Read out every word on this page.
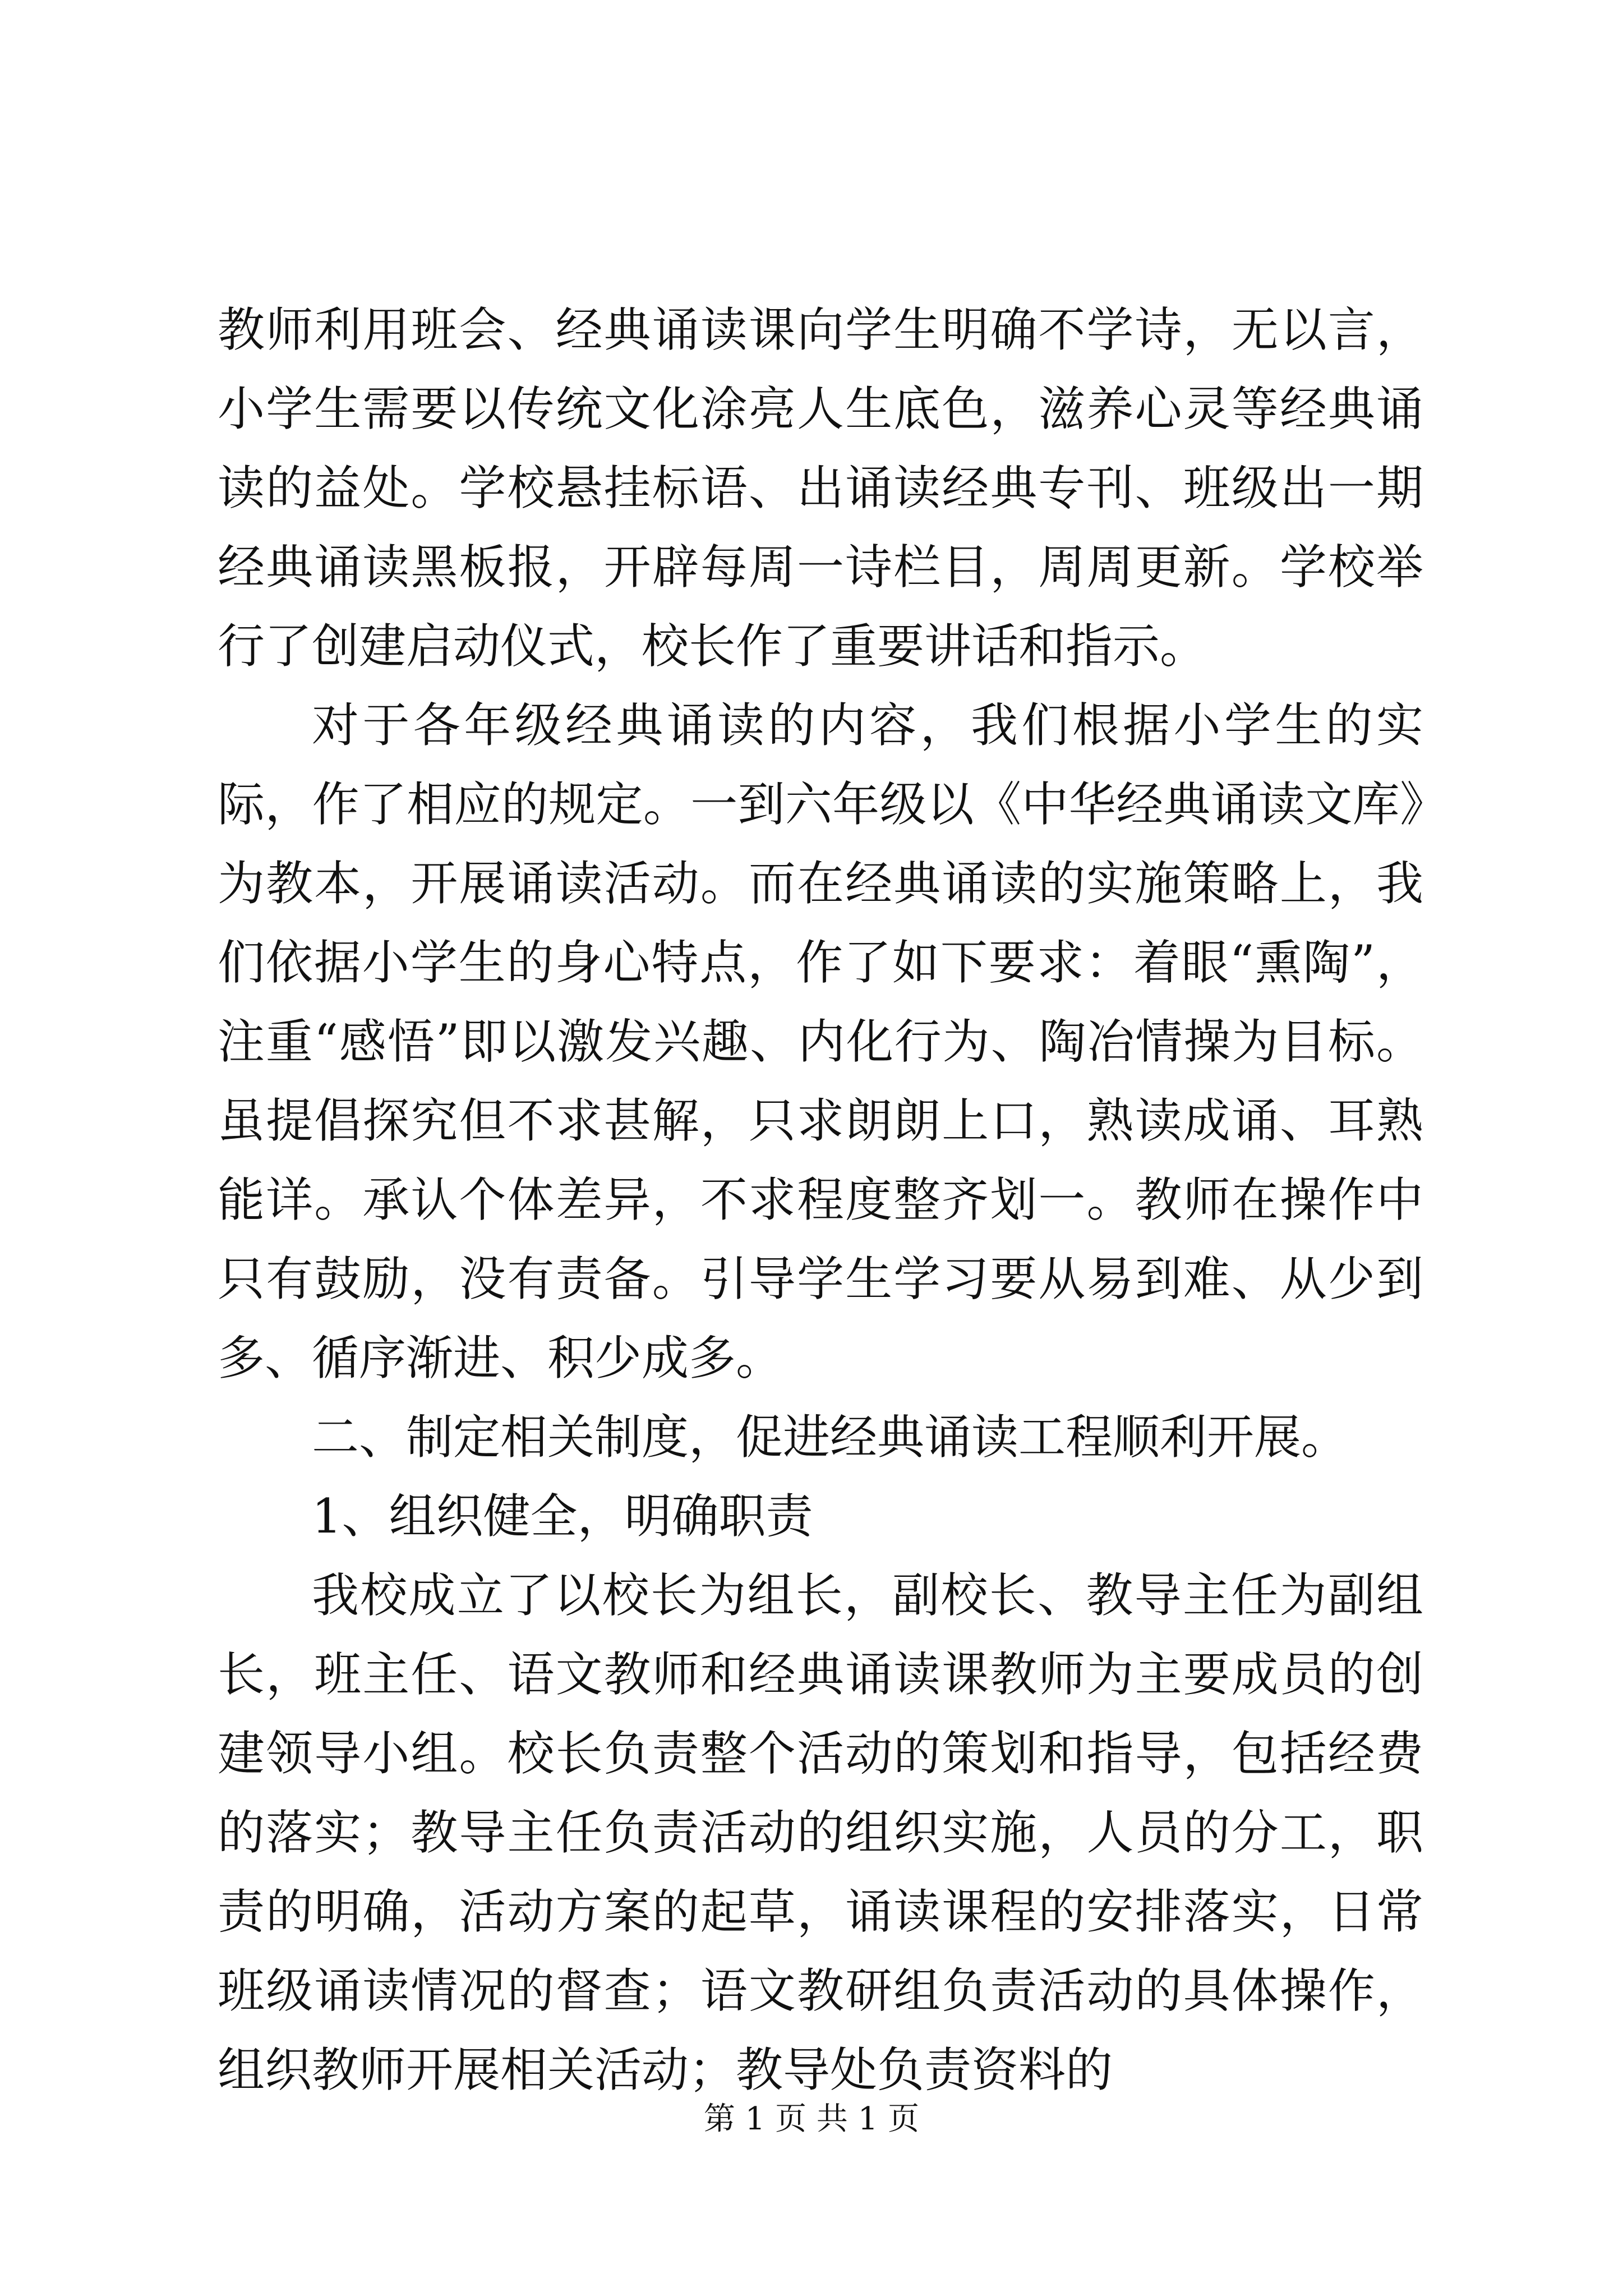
教师利用班会、经典诵读课向学生明确不学诗，无以言，小学生需要以传统文化涂亮人生底色，滋养心灵等经典诵读的益处。学校悬挂标语、出诵读经典专刊、班级出一期经典诵读黑板报，开辟每周一诗栏目，周周更新。学校举行了创建启动仪式，校长作了重要讲话和指示。

对于各年级经典诵读的内容，我们根据小学生的实际，作了相应的规定。一到六年级以《中华经典诵读文库》为教本，开展诵读活动。而在经典诵读的实施策略上，我们依据小学生的身心特点，作了如下要求：着眼“熏陶”，注重“感悟”即以激发兴趣、内化行为、陶冶情操为目标。虽提倡探究但不求甚解，只求朗朗上口，熟读成诵、耳熟能详。承认个体差异，不求程度整齐划一。教师在操作中只有鼓励，没有责备。引导学生学习要从易到难、从少到多、循序渐进、积少成多。

二、制定相关制度，促进经典诵读工程顺利开展。

1、组织健全，明确职责

我校成立了以校长为组长，副校长、教导主任为副组长，班主任、语文教师和经典诵读课教师为主要成员的创建领导小组。校长负责整个活动的策划和指导，包括经费的落实；教导主任负责活动的组织实施，人员的分工，职责的明确，活动方案的起草，诵读课程的安排落实，日常班级诵读情况的督查；语文教研组负责活动的具体操作，组织教师开展相关活动；教导处负责资料的

第 1 页 共 1 页
